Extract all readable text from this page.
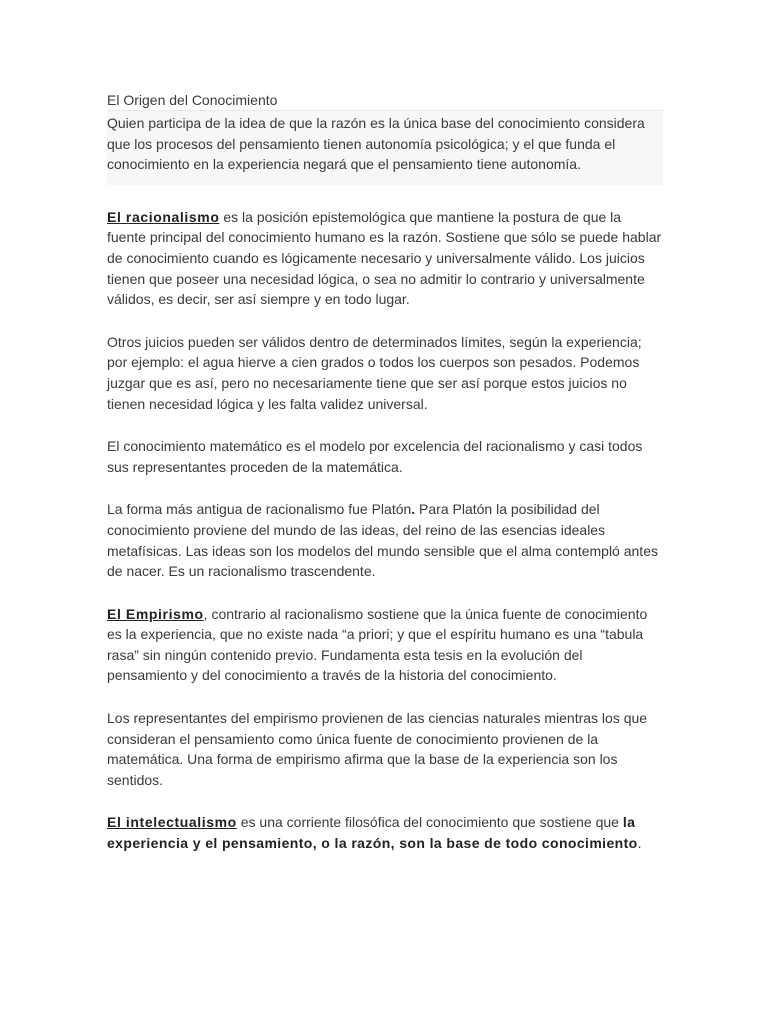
El Origen del Conocimiento
Quien participa de la idea de que la razón es la única base del conocimiento considera que los procesos del pensamiento tienen autonomía psicológica; y el que funda el conocimiento en la experiencia negará que el pensamiento tiene autonomía.

El racionalismo es la posición epistemológica que mantiene la postura de que la fuente principal del conocimiento humano es la razón. Sostiene que sólo se puede hablar de conocimiento cuando es lógicamente necesario y universalmente válido. Los juicios tienen que poseer una necesidad lógica, o sea no admitir lo contrario y universalmente válidos, es decir, ser así siempre y en todo lugar.

Otros juicios pueden ser válidos dentro de determinados límites, según la experiencia; por ejemplo: el agua hierve a cien grados o todos los cuerpos son pesados. Podemos juzgar que es así, pero no necesariamente tiene que ser así porque estos juicios no tienen necesidad lógica y les falta validez universal.

El conocimiento matemático es el modelo por excelencia del racionalismo y casi todos sus representantes proceden de la matemática.

La forma más antigua de racionalismo fue Platón. Para Platón la posibilidad del conocimiento proviene del mundo de las ideas, del reino de las esencias ideales metafísicas. Las ideas son los modelos del mundo sensible que el alma contempló antes de nacer. Es un racionalismo trascendente.

El Empirismo, contrario al racionalismo sostiene que la única fuente de conocimiento es la experiencia, que no existe nada “a priori; y que el espíritu humano es una “tabula rasa” sin ningún contenido previo. Fundamenta esta tesis en la evolución del pensamiento y del conocimiento a través de la historia del conocimiento.

Los representantes del empirismo provienen de las ciencias naturales mientras los que consideran el pensamiento como única fuente de conocimiento provienen de la matemática. Una forma de empirismo afirma que la base de la experiencia son los sentidos.

El intelectualismo es una corriente filosófica del conocimiento que sostiene que la experiencia y el pensamiento, o la razón, son la base de todo conocimiento.
